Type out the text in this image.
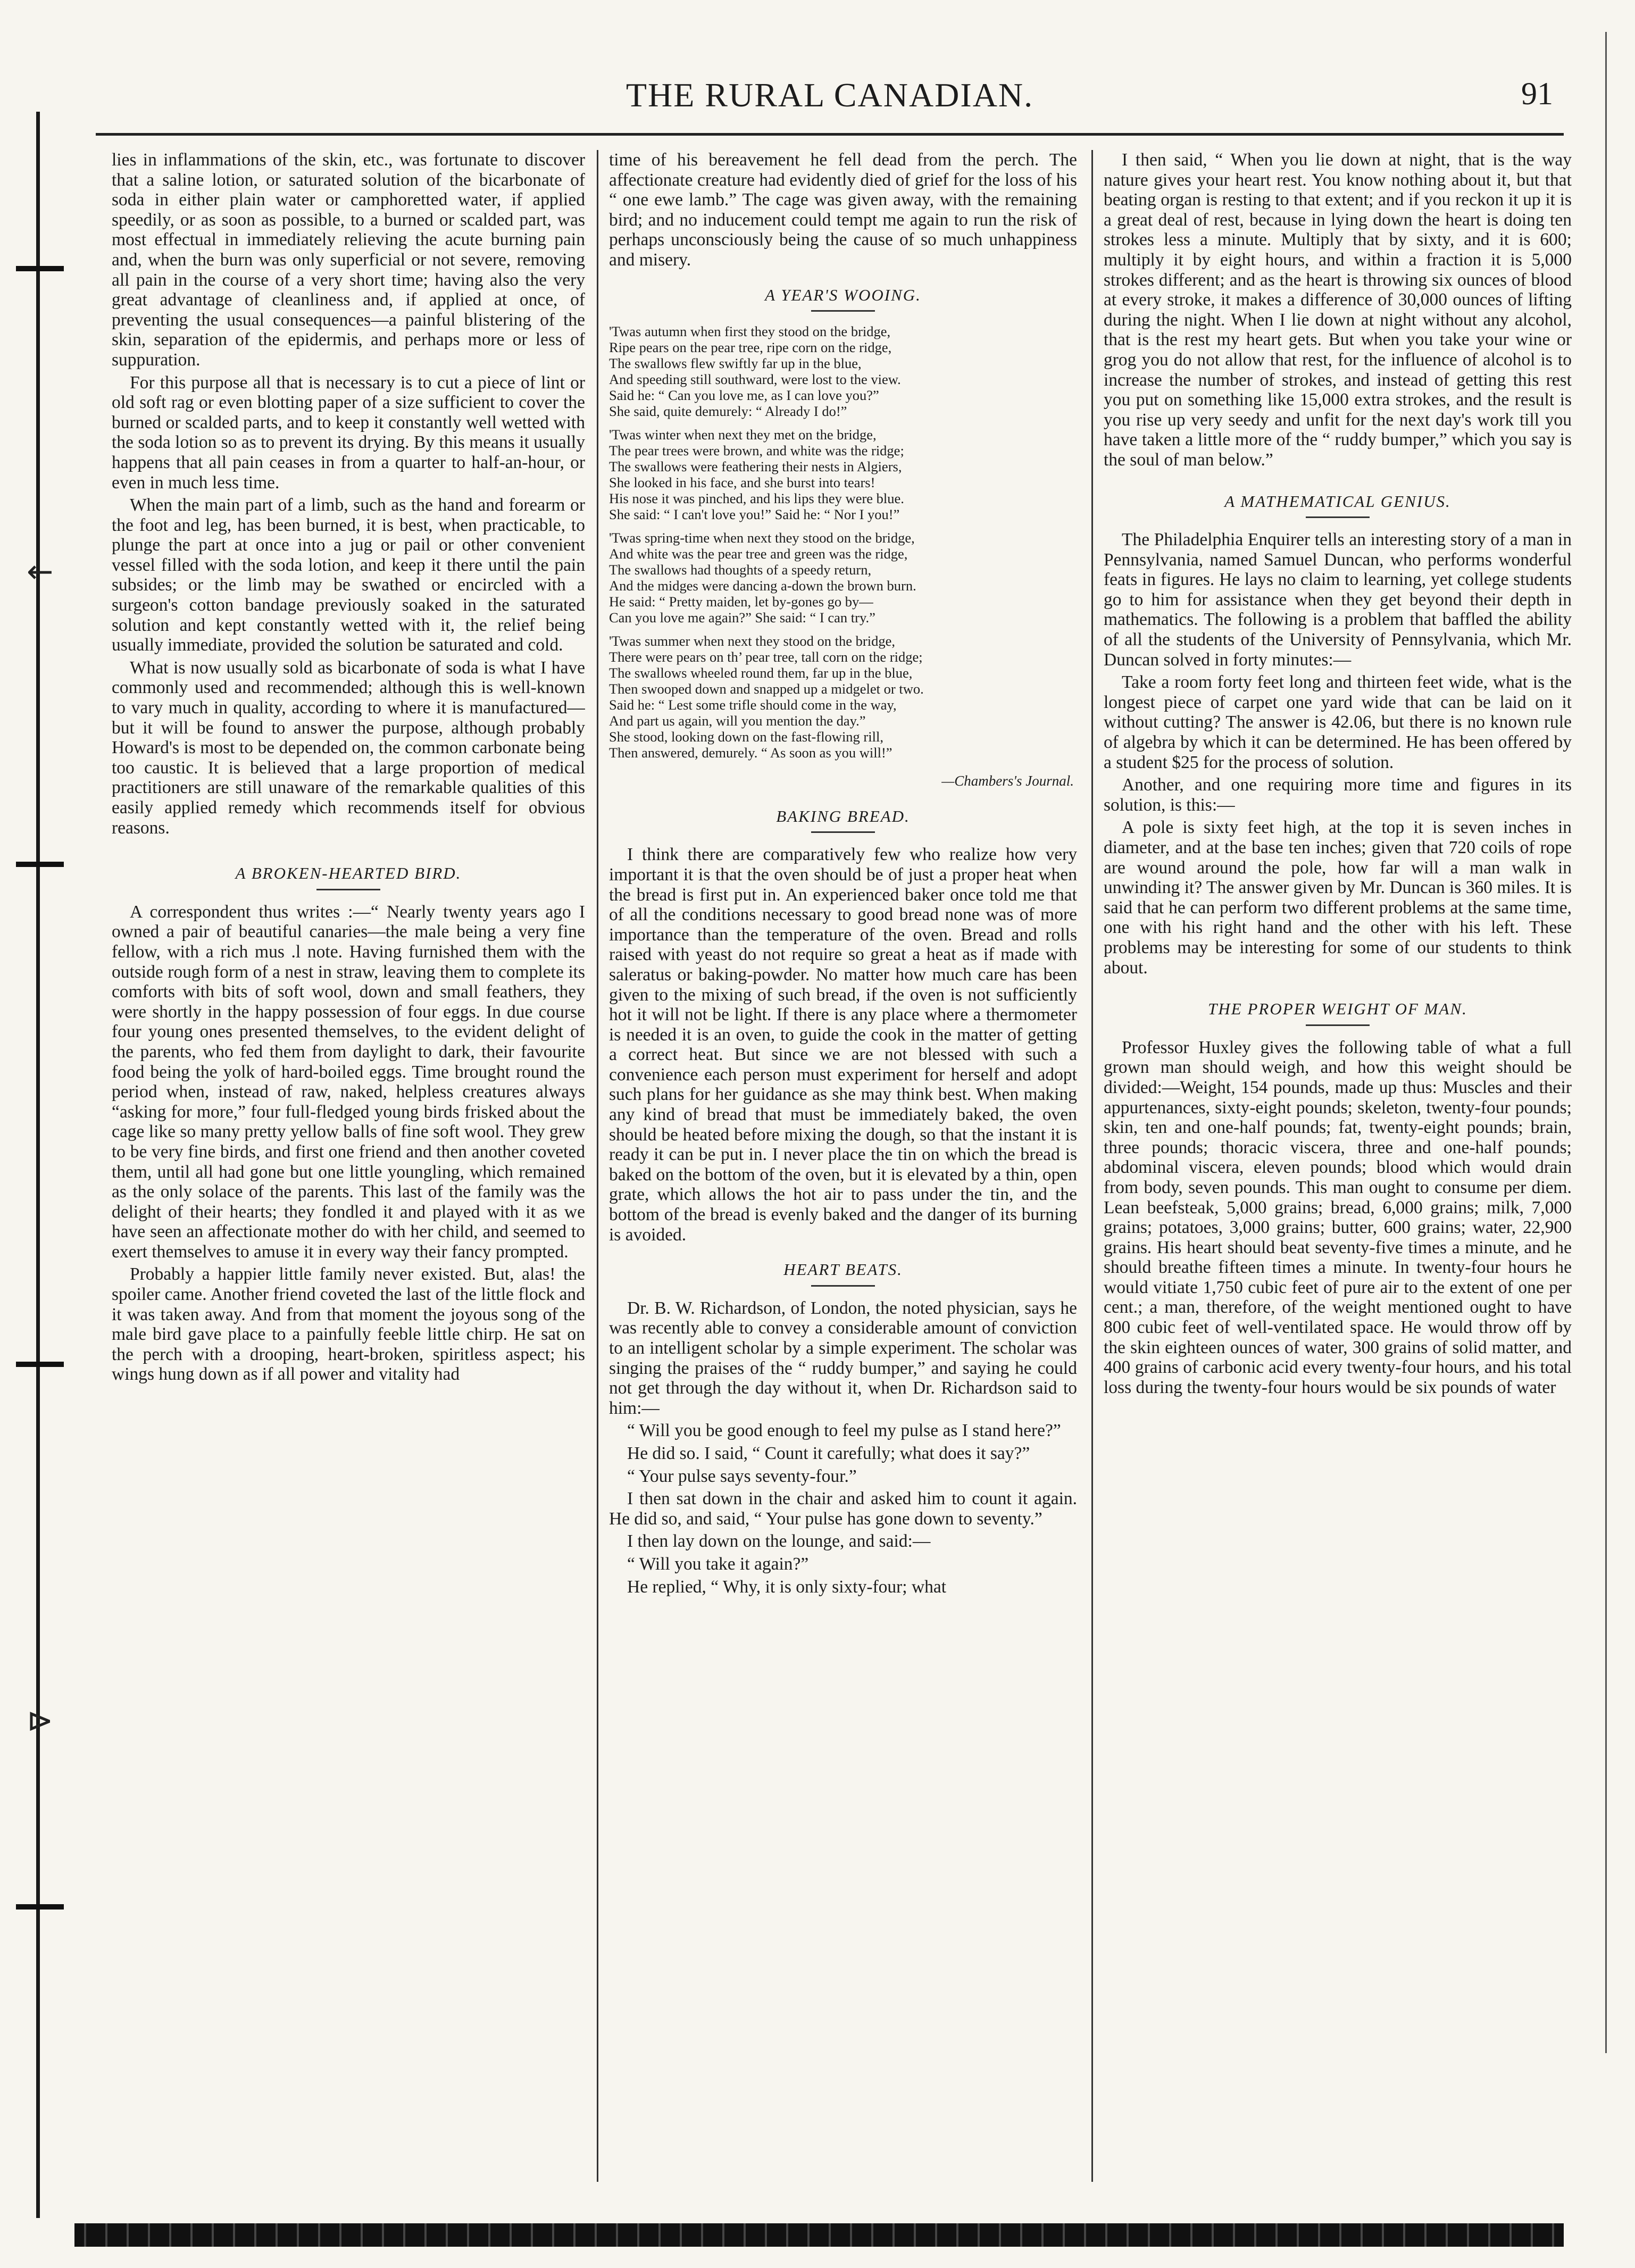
←
⊳
THE RURAL CANADIAN.	91

lies in inflammations of the skin, etc., was fortunate to discover that a saline lotion, or saturated solution of the bicarbonate of soda in either plain water or camphoretted water, if applied speedily, or as soon as possible, to a burned or scalded part, was most effectual in immediately relieving the acute burning pain and, when the burn was only superficial or not severe, removing all pain in the course of a very short time; having also the very great advantage of cleanliness and, if applied at once, of preventing the usual consequences—a painful blistering of the skin, separation of the epidermis, and perhaps more or less of suppuration.

For this purpose all that is necessary is to cut a piece of lint or old soft rag or even blotting paper of a size sufficient to cover the burned or scalded parts, and to keep it constantly well wetted with the soda lotion so as to prevent its drying. By this means it usually happens that all pain ceases in from a quarter to half-an-hour, or even in much less time.

When the main part of a limb, such as the hand and forearm or the foot and leg, has been burned, it is best, when practicable, to plunge the part at once into a jug or pail or other convenient vessel filled with the soda lotion, and keep it there until the pain subsides; or the limb may be swathed or encircled with a surgeon's cotton bandage previously soaked in the saturated solution and kept constantly wetted with it, the relief being usually immediate, provided the solution be saturated and cold.

What is now usually sold as bicarbonate of soda is what I have commonly used and recommended; although this is well-known to vary much in quality, according to where it is manufactured—but it will be found to answer the purpose, although probably Howard's is most to be depended on, the common carbonate being too caustic. It is believed that a large proportion of medical practitioners are still unaware of the remarkable qualities of this easily applied remedy which recommends itself for obvious reasons.

A BROKEN-HEARTED BIRD.

A correspondent thus writes :—“ Nearly twenty years ago I owned a pair of beautiful canaries—the male being a very fine fellow, with a rich mus .l note. Having furnished them with the outside rough form of a nest in straw, leaving them to complete its comforts with bits of soft wool, down and small feathers, they were shortly in the happy possession of four eggs. In due course four young ones presented themselves, to the evident delight of the parents, who fed them from daylight to dark, their favourite food being the yolk of hard-boiled eggs. Time brought round the period when, instead of raw, naked, helpless creatures always “asking for more,” four full-fledged young birds frisked about the cage like so many pretty yellow balls of fine soft wool. They grew to be very fine birds, and first one friend and then another coveted them, until all had gone but one little youngling, which remained as the only solace of the parents. This last of the family was the delight of their hearts; they fondled it and played with it as we have seen an affectionate mother do with her child, and seemed to exert themselves to amuse it in every way their fancy prompted.

Probably a happier little family never existed. But, alas! the spoiler came. Another friend coveted the last of the little flock and it was taken away. And from that moment the joyous song of the male bird gave place to a painfully feeble little chirp. He sat on the perch with a drooping, heart-broken, spiritless aspect; his wings hung down as if all power and vitality had

time of his bereavement he fell dead from the perch. The affectionate creature had evidently died of grief for the loss of his “ one ewe lamb.” The cage was given away, with the remaining bird; and no inducement could tempt me again to run the risk of perhaps unconsciously being the cause of so much unhappiness and misery.

A YEAR'S WOOING.
'Twas autumn when first they stood on the bridge,
Ripe pears on the pear tree, ripe corn on the ridge,
The swallows flew swiftly far up in the blue,
And speeding still southward, were lost to the view.
Said he: “ Can you love me, as I can love you?”
She said, quite demurely: “ Already I do!”
'Twas winter when next they met on the bridge,
The pear trees were brown, and white was the ridge;
The swallows were feathering their nests in Algiers,
She looked in his face, and she burst into tears!
His nose it was pinched, and his lips they were blue.
She said: “ I can't love you!” Said he: “ Nor I you!”
'Twas spring-time when next they stood on the bridge,
And white was the pear tree and green was the ridge,
The swallows had thoughts of a speedy return,
And the midges were dancing a-down the brown burn.
He said: “ Pretty maiden, let by-gones go by—
Can you love me again?” She said: “ I can try.”
'Twas summer when next they stood on the bridge,
There were pears on th’ pear tree, tall corn on the ridge;
The swallows wheeled round them, far up in the blue,
Then swooped down and snapped up a midgelet or two.
Said he: “ Lest some trifle should come in the way,
And part us again, will you mention the day.”
She stood, looking down on the fast-flowing rill,
Then answered, demurely. “ As soon as you will!”
—Chambers's Journal.
BAKING BREAD.

I think there are comparatively few who realize how very important it is that the oven should be of just a proper heat when the bread is first put in. An experienced baker once told me that of all the conditions necessary to good bread none was of more importance than the temperature of the oven. Bread and rolls raised with yeast do not require so great a heat as if made with saleratus or baking-powder. No matter how much care has been given to the mixing of such bread, if the oven is not sufficiently hot it will not be light. If there is any place where a thermometer is needed it is an oven, to guide the cook in the matter of getting a correct heat. But since we are not blessed with such a convenience each person must experiment for herself and adopt such plans for her guidance as she may think best. When making any kind of bread that must be immediately baked, the oven should be heated before mixing the dough, so that the instant it is ready it can be put in. I never place the tin on which the bread is baked on the bottom of the oven, but it is elevated by a thin, open grate, which allows the hot air to pass under the tin, and the bottom of the bread is evenly baked and the danger of its burning is avoided.

HEART BEATS.

Dr. B. W. Richardson, of London, the noted physician, says he was recently able to convey a considerable amount of conviction to an intelligent scholar by a simple experiment. The scholar was singing the praises of the “ ruddy bumper,” and saying he could not get through the day without it, when Dr. Richardson said to him:—

“ Will you be good enough to feel my pulse as I stand here?”

He did so. I said, “ Count it carefully; what does it say?”

“ Your pulse says seventy-four.”

I then sat down in the chair and asked him to count it again. He did so, and said, “ Your pulse has gone down to seventy.”

I then lay down on the lounge, and said:—

“ Will you take it again?”

He replied, “ Why, it is only sixty-four; what

I then said, “ When you lie down at night, that is the way nature gives your heart rest. You know nothing about it, but that beating organ is resting to that extent; and if you reckon it up it is a great deal of rest, because in lying down the heart is doing ten strokes less a minute. Multiply that by sixty, and it is 600; multiply it by eight hours, and within a fraction it is 5,000 strokes different; and as the heart is throwing six ounces of blood at every stroke, it makes a difference of 30,000 ounces of lifting during the night. When I lie down at night without any alcohol, that is the rest my heart gets. But when you take your wine or grog you do not allow that rest, for the influence of alcohol is to increase the number of strokes, and instead of getting this rest you put on something like 15,000 extra strokes, and the result is you rise up very seedy and unfit for the next day's work till you have taken a little more of the “ ruddy bumper,” which you say is the soul of man below.”

A MATHEMATICAL GENIUS.

The Philadelphia Enquirer tells an interesting story of a man in Pennsylvania, named Samuel Duncan, who performs wonderful feats in figures. He lays no claim to learning, yet college students go to him for assistance when they get beyond their depth in mathematics. The following is a problem that baffled the ability of all the students of the University of Pennsylvania, which Mr. Duncan solved in forty minutes:—

Take a room forty feet long and thirteen feet wide, what is the longest piece of carpet one yard wide that can be laid on it without cutting? The answer is 42.06, but there is no known rule of algebra by which it can be determined. He has been offered by a student $25 for the process of solution.

Another, and one requiring more time and figures in its solution, is this:—

A pole is sixty feet high, at the top it is seven inches in diameter, and at the base ten inches; given that 720 coils of rope are wound around the pole, how far will a man walk in unwinding it? The answer given by Mr. Duncan is 360 miles. It is said that he can perform two different problems at the same time, one with his right hand and the other with his left. These problems may be interesting for some of our students to think about.

THE PROPER WEIGHT OF MAN.

Professor Huxley gives the following table of what a full grown man should weigh, and how this weight should be divided:—Weight, 154 pounds, made up thus: Muscles and their appurtenances, sixty-eight pounds; skeleton, twenty-four pounds; skin, ten and one-half pounds; fat, twenty-eight pounds; brain, three pounds; thoracic viscera, three and one-half pounds; abdominal viscera, eleven pounds; blood which would drain from body, seven pounds. This man ought to consume per diem. Lean beefsteak, 5,000 grains; bread, 6,000 grains; milk, 7,000 grains; potatoes, 3,000 grains; butter, 600 grains; water, 22,900 grains. His heart should beat seventy-five times a minute, and he should breathe fifteen times a minute. In twenty-four hours he would vitiate 1,750 cubic feet of pure air to the extent of one per cent.; a man, therefore, of the weight mentioned ought to have 800 cubic feet of well-ventilated space. He would throw off by the skin eighteen ounces of water, 300 grains of solid matter, and 400 grains of carbonic acid every twenty-four hours, and his total loss during the twenty-four hours would be six pounds of water
